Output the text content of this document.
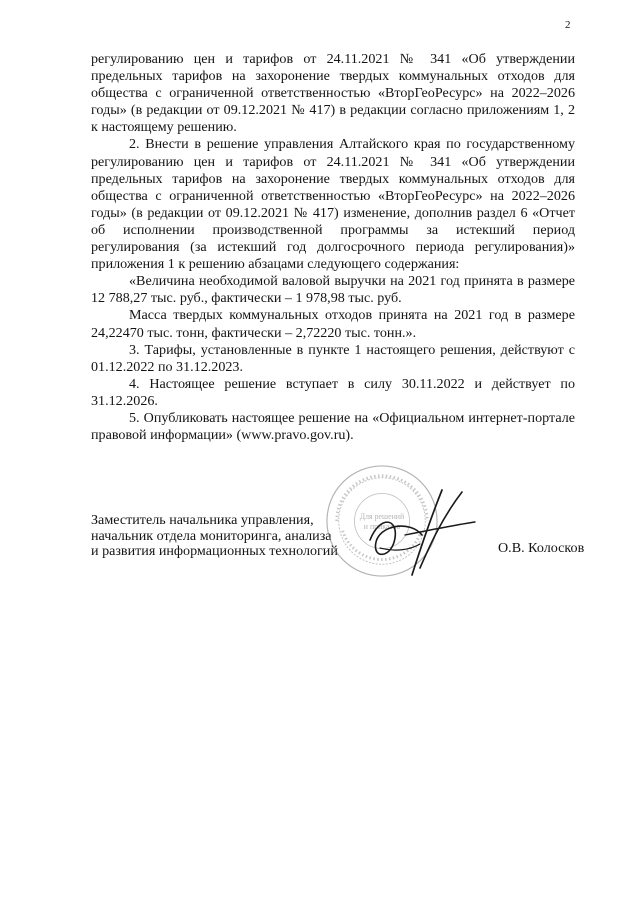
2

регулированию цен и тарифов от 24.11.2021 № 341 «Об утверждении предельных тарифов на захоронение твердых коммунальных отходов для общества с ограниченной ответственностью «ВторГеоРесурс» на 2022–2026 годы» (в редакции от 09.12.2021 № 417) в редакции согласно приложениям 1, 2 к настоящему решению.

2. Внести в решение управления Алтайского края по государственному регулированию цен и тарифов от 24.11.2021 № 341 «Об утверждении предельных тарифов на захоронение твердых коммунальных отходов для общества с ограниченной ответственностью «ВторГеоРесурс» на 2022–2026 годы» (в редакции от 09.12.2021 № 417) изменение, дополнив раздел 6 «Отчет об исполнении производственной программы за истекший период регулирования (за истекший год долгосрочного периода регулирования)» приложения 1 к решению абзацами следующего содержания:

«Величина необходимой валовой выручки на 2021 год принята в размере 12 788,27 тыс. руб., фактически – 1 978,98 тыс. руб.

Масса твердых коммунальных отходов принята на 2021 год в размере 24,22470 тыс. тонн, фактически – 2,72220 тыс. тонн.».

3. Тарифы, установленные в пункте 1 настоящего решения, действуют с 01.12.2022 по 31.12.2023.

4. Настоящее решение вступает в силу 30.11.2022 и действует по 31.12.2026.

5. Опубликовать настоящее решение на «Официальном интернет-портале правовой информации» (www.pravo.gov.ru).

Заместитель начальника управления,
начальник отдела мониторинга, анализа
и развития информационных технологий
Для решений
и приказов
О.В. Колосков
